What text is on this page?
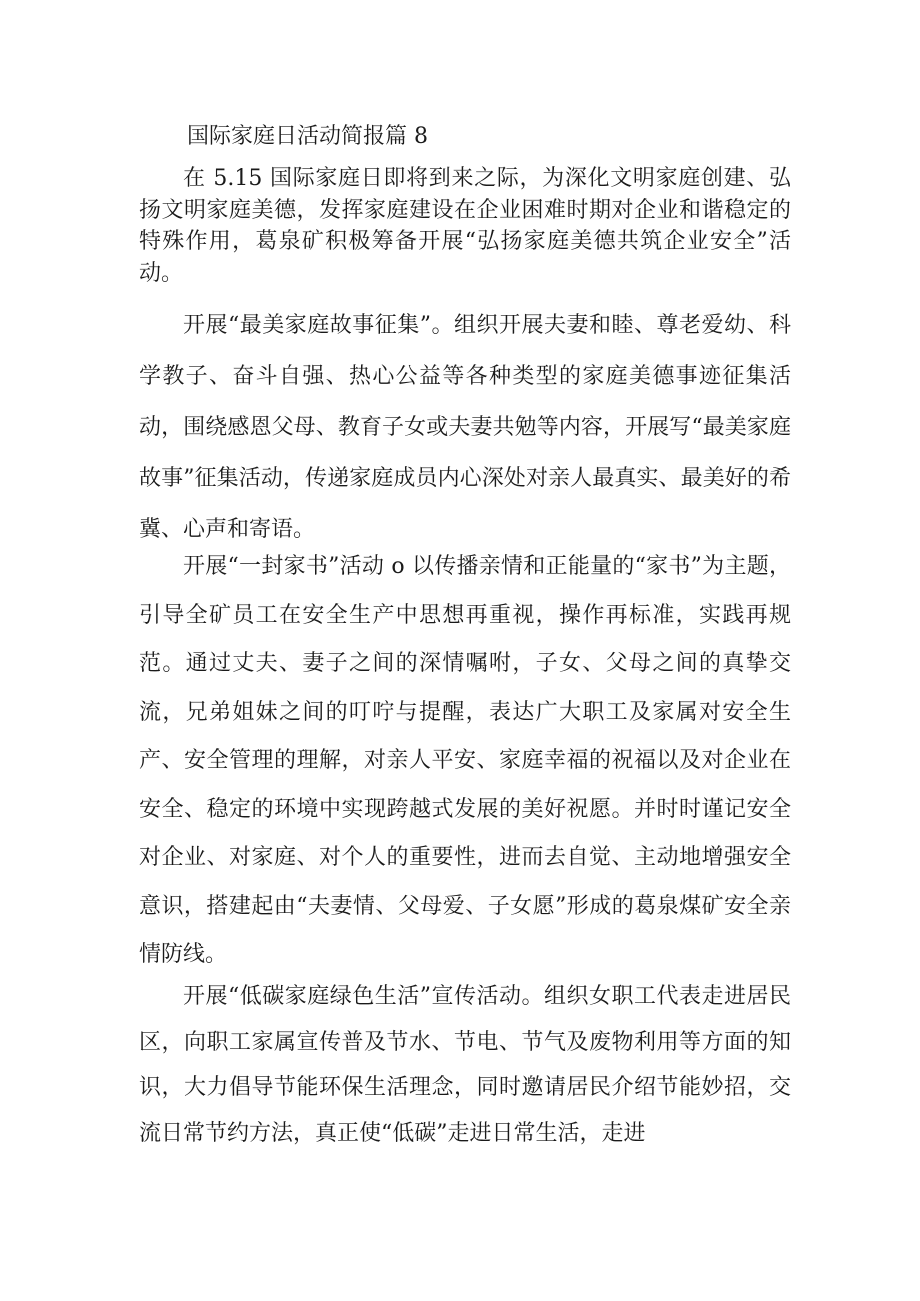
国际家庭日活动简报篇 8

在 5.15 国际家庭日即将到来之际，为深化文明家庭创建、弘扬文明家庭美德，发挥家庭建设在企业困难时期对企业和谐稳定的特殊作用，葛泉矿积极筹备开展“弘扬家庭美德共筑企业安全”活动。

开展“最美家庭故事征集”。组织开展夫妻和睦、尊老爱幼、科学教子、奋斗自强、热心公益等各种类型的家庭美德事迹征集活动，围绕感恩父母、教育子女或夫妻共勉等内容，开展写“最美家庭故事”征集活动，传递家庭成员内心深处对亲人最真实、最美好的希冀、心声和寄语。

开展“一封家书”活动 o 以传播亲情和正能量的“家书”为主题，引导全矿员工在安全生产中思想再重视，操作再标准，实践再规范。通过丈夫、妻子之间的深情嘱咐，子女、父母之间的真挚交流，兄弟姐妹之间的叮咛与提醒，表达广大职工及家属对安全生产、安全管理的理解，对亲人平安、家庭幸福的祝福以及对企业在安全、稳定的环境中实现跨越式发展的美好祝愿。并时时谨记安全对企业、对家庭、对个人的重要性，进而去自觉、主动地增强安全意识，搭建起由“夫妻情、父母爱、子女愿”形成的葛泉煤矿安全亲情防线。

开展“低碳家庭绿色生活”宣传活动。组织女职工代表走进居民区，向职工家属宣传普及节水、节电、节气及废物利用等方面的知识，大力倡导节能环保生活理念，同时邀请居民介绍节能妙招，交流日常节约方法，真正使“低碳”走进日常生活，走进
